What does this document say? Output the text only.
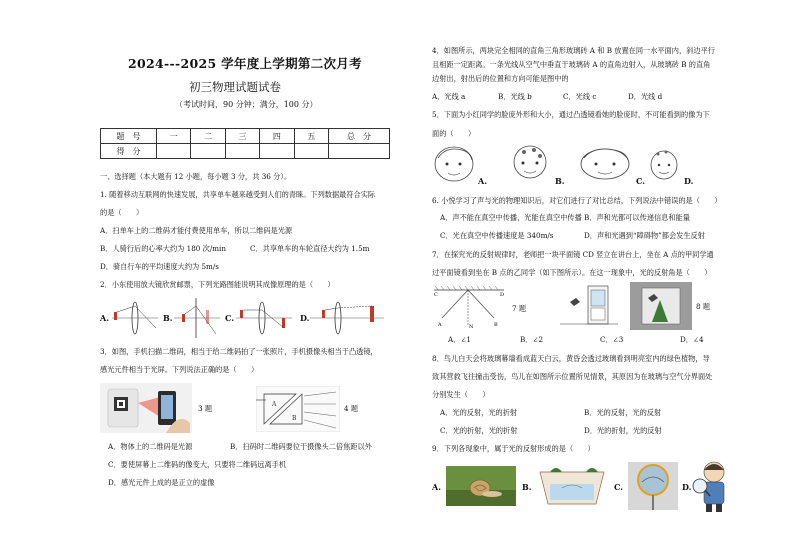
2024---2025 学年度上学期第二次月考
初三物理试题试卷
（考试时间，90 分钟；满分，100 分）
题　号	一	二	三	四	五	总　分
得　分						
一、选择题（本大题有 12 小题，每小题 3 分，共 36 分）。
1. 随着移动互联网的快速发展，共享单车越来越受到人们的青睐。下列数据最符合实际
的是（　　）
A．扫单车上的二维码才能付费使用单车，所以二维码是光源
B．人骑行后的心率大约为 180 次/min	C．共享单车的车轮直径大约为 1.5m
D．骑自行车的平均速度大约为 5m/s
2．小东使用放大镜欣赏邮票，下列光路图能说明其成像原理的是（　　）
A.	B.	C.	D.
3．如图，手机扫描二维码，相当于给二维码拍了一张照片，手机摄像头相当于凸透镜，
感光元件相当于光屏。下列说法正确的是（　　）
3 题	A
B
4 题
A．物体上的二维码是光源	B．扫码时二维码要位于摄像头二倍焦距以外
C．要使屏幕上二维码的像变大，只要将二维码远离手机
D．感光元件上成的是正立的虚像
4．如图所示，两块完全相同的直角三角形玻璃砖 A 和 B 放置在同一水平面内，斜边平行
且相距一定距离。一条光线从空气中垂直于玻璃砖 A 的直角边射入，从玻璃砖 B 的直角
边射出，射出后的位置和方向可能是图中的
A．光线 a	B．光线 b	C．光线 c	D．光线 d
5．下面为小红同学的脸庞外形和大小，通过凸透镜看她的脸庞时，不可能看到的像为下
面的（　　）
A.	B.	C.	D.
6. 小悦学习了声与光的物理知识后，对它们进行了对比总结，下列说法中错误的是（　　）
A．声不能在真空中传播，光能在真空中传播 B．声和光都可以传递信息和能量
C．光在真空中传播速度是 340m/s	D．声和光遇到“障碍物”都会发生反射
7．在探究光的反射规律时，老师把一块平面镜 CD 竖立在讲台上，坐在 A 点的甲同学通
过平面镜看到坐在 B 点的乙同学（如下图所示）。在这一现象中，光的反射角是（　　）
C	D
A	B
N
7 题	8 题
A．∠1	B．∠2	C．∠3	D．∠4
8．鸟儿白天会将玻璃幕墙看成蓝天白云，黄昏会透过玻璃看到明亮室内的绿色植物，导
致其营救飞往撞击受伤，鸟儿在如图所示位置所见情景，其原因为在玻璃与空气分界面处
分别发生（　　）
A．光的反射，光的折射	B．光的反射，光的反射
C．光的折射，光的折射	D．光的折射，光的反射
9．下列各现象中，属于光的反射形成的是（　　）
A.	B.	C.	D.
